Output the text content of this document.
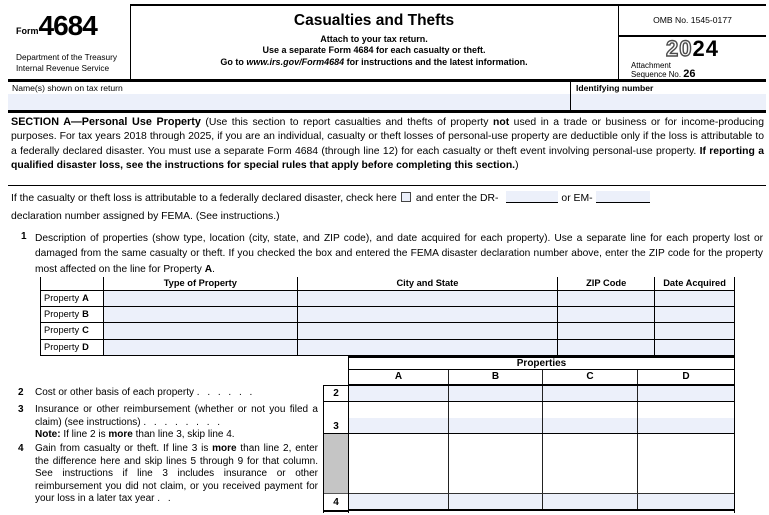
Form 4684
Department of the Treasury
Internal Revenue Service
Casualties and Thefts
Attach to your tax return.
Use a separate Form 4684 for each casualty or theft.
Go to www.irs.gov/Form4684 for instructions and the latest information.
OMB No. 1545-0177
2024
Attachment
Sequence No. 26
Name(s) shown on tax return	Identifying number
SECTION A—Personal Use Property (Use this section to report casualties and thefts of property not used in a trade or business or for income-producing purposes. For tax years 2018 through 2025, if you are an individual, casualty or theft losses of personal-use property are deductible only if the loss is attributable to a federally declared disaster. You must use a separate Form 4684 (through line 12) for each casualty or theft event involving personal-use property. If reporting a qualified disaster loss, see the instructions for special rules that apply before completing this section.)
If the casualty or theft loss is attributable to a federally declared disaster, check here and enter the DR-	or EM-
declaration number assigned by FEMA. (See instructions.)
1 Description of properties (show type, location (city, state, and ZIP code), and date acquired for each property). Use a separate line for each property lost or damaged from the same casualty or theft. If you checked the box and entered the FEMA disaster declaration number above, enter the ZIP code for the property most affected on the line for Property A.
Type of Property	City and State	ZIP Code	Date Acquired
Property A
Property B
Property C
Property D
Properties
A	B	C	D
2
3
4
2 Cost or other basis of each property . . . . . .
3 Insurance or other reimbursement (whether or not you filed a claim) (see instructions) . . . . . . . .
Note: If line 2 is more than line 3, skip line 4.
4 Gain from casualty or theft. If line 3 is more than line 2, enter the difference here and skip lines 5 through 9 for that column. See instructions if line 3 includes insurance or other reimbursement you did not claim, or you received payment for your loss in a later tax year . .
